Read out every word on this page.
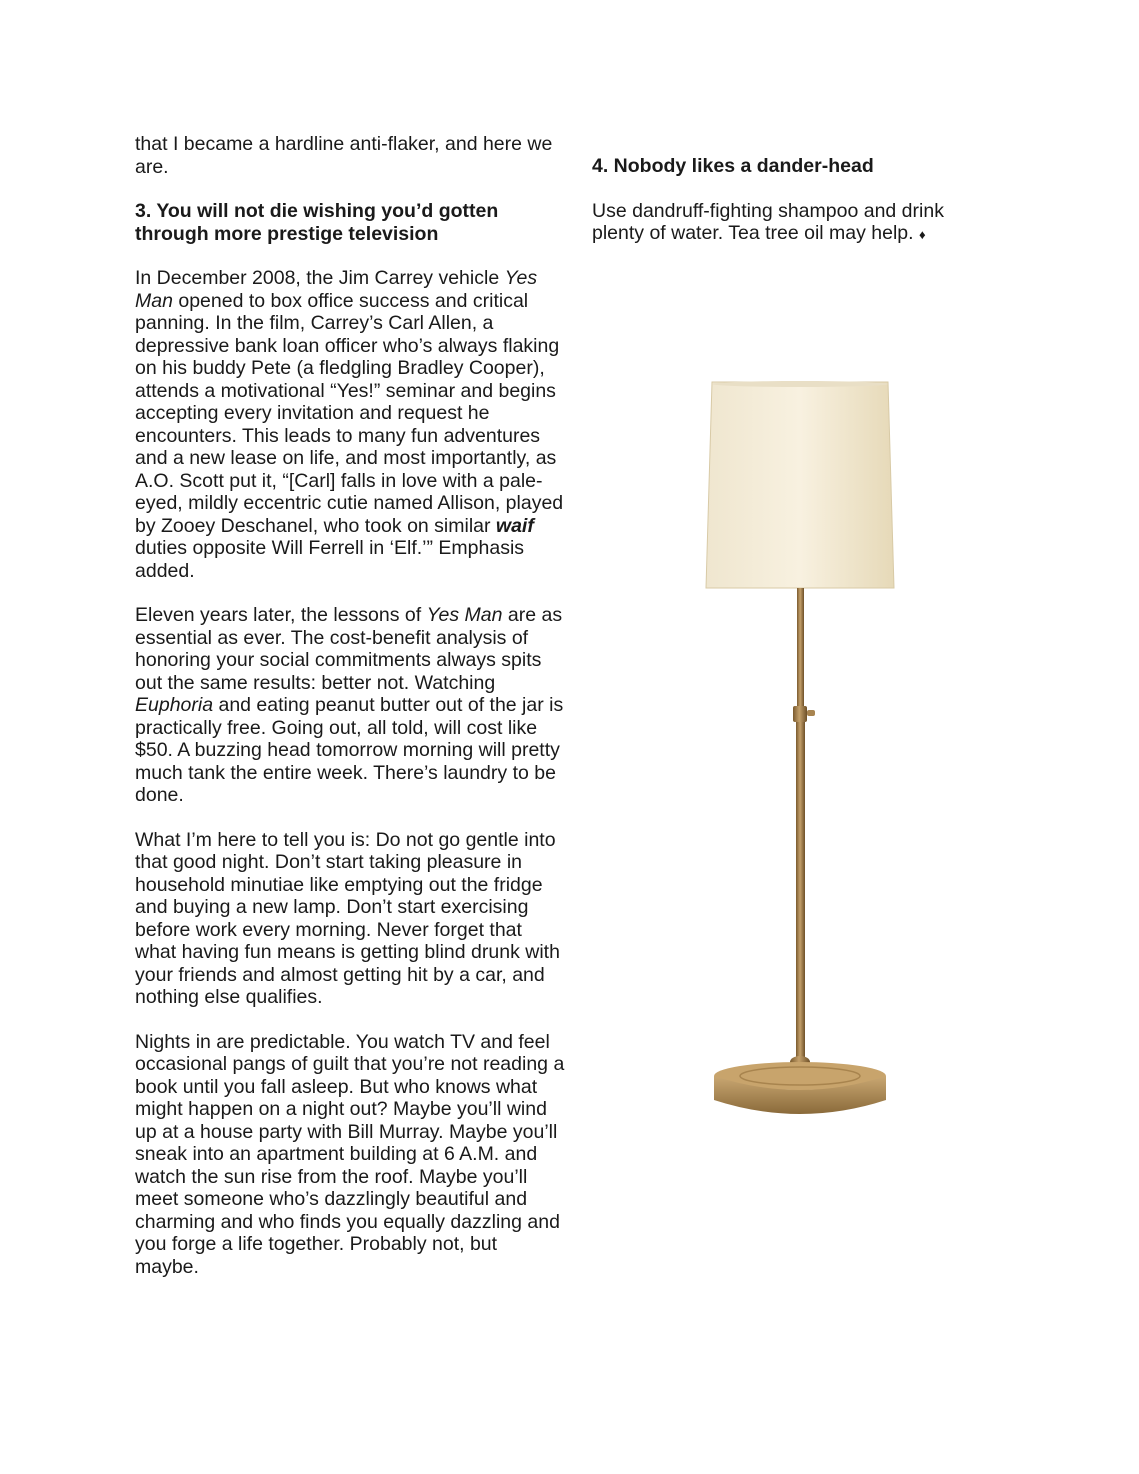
that I became a hardline anti-flaker, and here we are.

3. You will not die wishing you’d gotten through more prestige television

In December 2008, the Jim Carrey vehicle Yes Man opened to box office success and critical panning. In the film, Carrey’s Carl Allen, a depressive bank loan officer who’s always flaking on his buddy Pete (a fledgling Bradley Cooper), attends a motivational “Yes!” seminar and begins accepting every invitation and request he encounters. This leads to many fun adventures and a new lease on life, and most importantly, as A.O. Scott put it, “[Carl] falls in love with a pale-eyed, mildly eccentric cutie named Allison, played by Zooey Deschanel, who took on similar waif duties opposite Will Ferrell in ‘Elf.’” Emphasis added.

Eleven years later, the lessons of Yes Man are as essential as ever. The cost-benefit analysis of honoring your social commitments always spits out the same results: better not. Watching Euphoria and eating peanut butter out of the jar is practically free. Going out, all told, will cost like $50. A buzzing head tomorrow morning will pretty much tank the entire week. There’s laundry to be done.

What I’m here to tell you is: Do not go gentle into that good night. Don’t start taking pleasure in household minutiae like emptying out the fridge and buying a new lamp. Don’t start exercising before work every morning. Never forget that what having fun means is getting blind drunk with your friends and almost getting hit by a car, and nothing else qualifies.

Nights in are predictable. You watch TV and feel occasional pangs of guilt that you’re not reading a book until you fall asleep. But who knows what might happen on a night out? Maybe you’ll wind up at a house party with Bill Murray. Maybe you’ll sneak into an apartment building at 6 A.M. and watch the sun rise from the roof. Maybe you’ll meet someone who’s dazzlingly beautiful and charming and who finds you equally dazzling and you forge a life together. Probably not, but maybe.

4. Nobody likes a dander-head

Use dandruff-fighting shampoo and drink plenty of water. Tea tree oil may help. ♦
